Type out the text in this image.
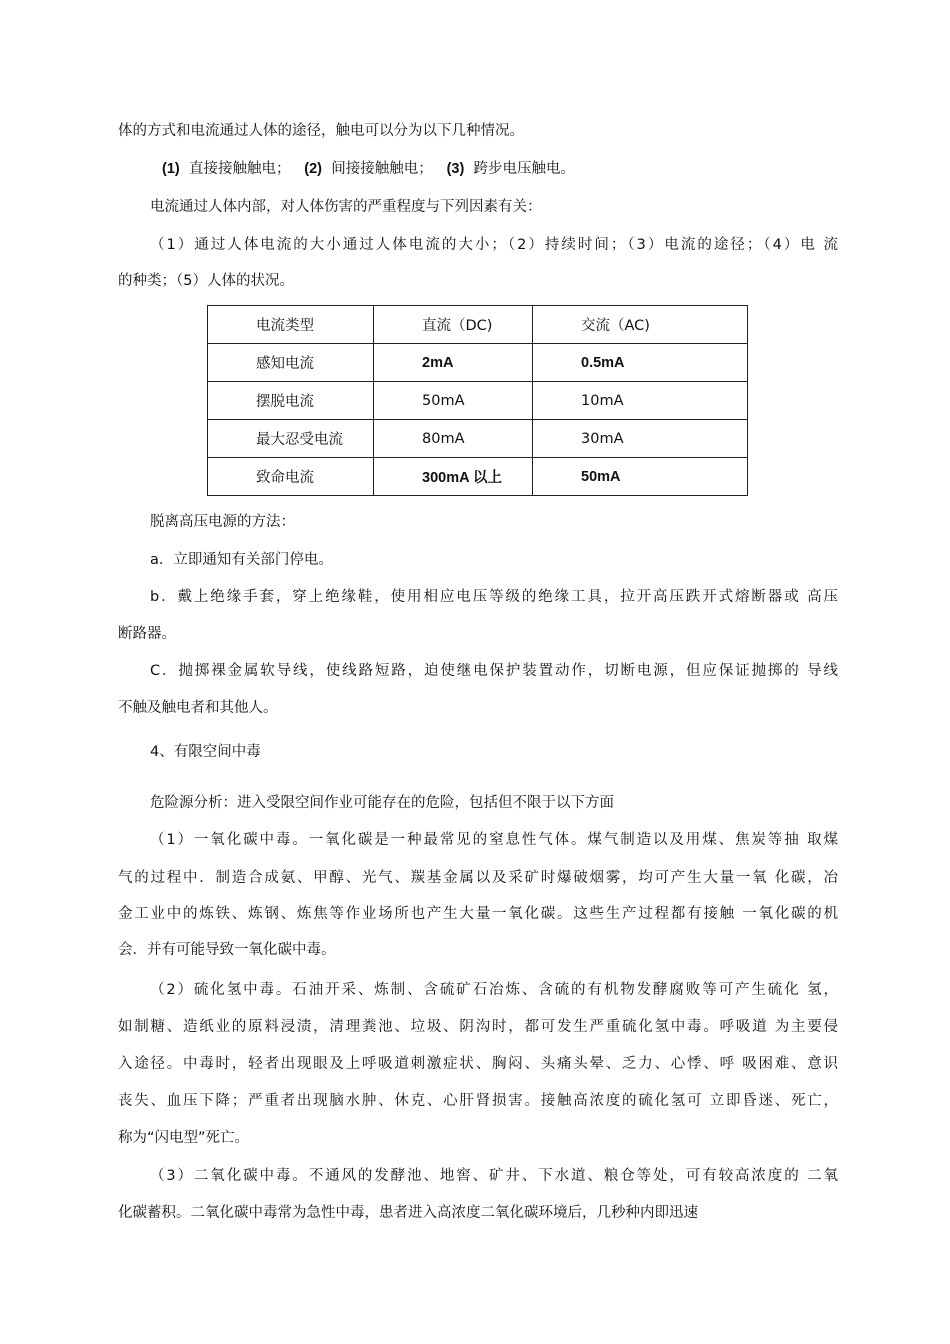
体的方式和电流通过人体的途径，触电可以分为以下几种情况。
(1) 直接接触触电； (2) 间接接触触电； (3) 跨步电压触电。
电流通过人体内部，对人体伤害的严重程度与下列因素有关：
（1）通过人体电流的大小通过人体电流的大小；（2）持续时间；（3）电流的途径；（4）电 流
的种类；（5）人体的状况。
电流类型	直流（DC)	交流（AC)
感知电流	2mA	0.5mA
摆脱电流	50mA	10mA
最大忍受电流	80mA	30mA
致命电流	300mA 以上	50mA
脱离高压电源的方法：
a．立即通知有关部门停电。
b．戴上绝缘手套，穿上绝缘鞋，使用相应电压等级的绝缘工具，拉开高压跌开式熔断器或 高压
断路器。
C．抛掷裸金属软导线，使线路短路，迫使继电保护装置动作，切断电源，但应保证抛掷的 导线
不触及触电者和其他人。
4、有限空间中毒
危险源分析：进入受限空间作业可能存在的危险，包括但不限于以下方面
（1）一氧化碳中毒。一氧化碳是一种最常见的窒息性气体。煤气制造以及用煤、焦炭等抽 取煤
气的过程中．制造合成氨、甲醇、光气、羰基金属以及采矿时爆破烟雾，均可产生大量一氧 化碳，冶
金工业中的炼铁、炼钢、炼焦等作业场所也产生大量一氧化碳。这些生产过程都有接触 一氧化碳的机
会．并有可能导致一氧化碳中毒。
（2）硫化氢中毒。石油开采、炼制、含硫矿石冶炼、含硫的有机物发酵腐败等可产生硫化 氢，
如制糖、造纸业的原料浸渍，清理粪池、垃圾、阴沟时，都可发生严重硫化氢中毒。呼吸道 为主要侵
入途径。中毒时，轻者出现眼及上呼吸道刺激症状、胸闷、头痛头晕、乏力、心悸、呼 吸困难、意识
丧失、血压下降；严重者出现脑水肿、休克、心肝肾损害。接触高浓度的硫化氢可 立即昏迷、死亡，
称为“闪电型”死亡。
（3）二氧化碳中毒。不通风的发酵池、地窖、矿井、下水道、粮仓等处，可有较高浓度的 二氧
化碳蓄积。二氧化碳中毒常为急性中毒，患者进入高浓度二氧化碳环境后，几秒种内即迅速
